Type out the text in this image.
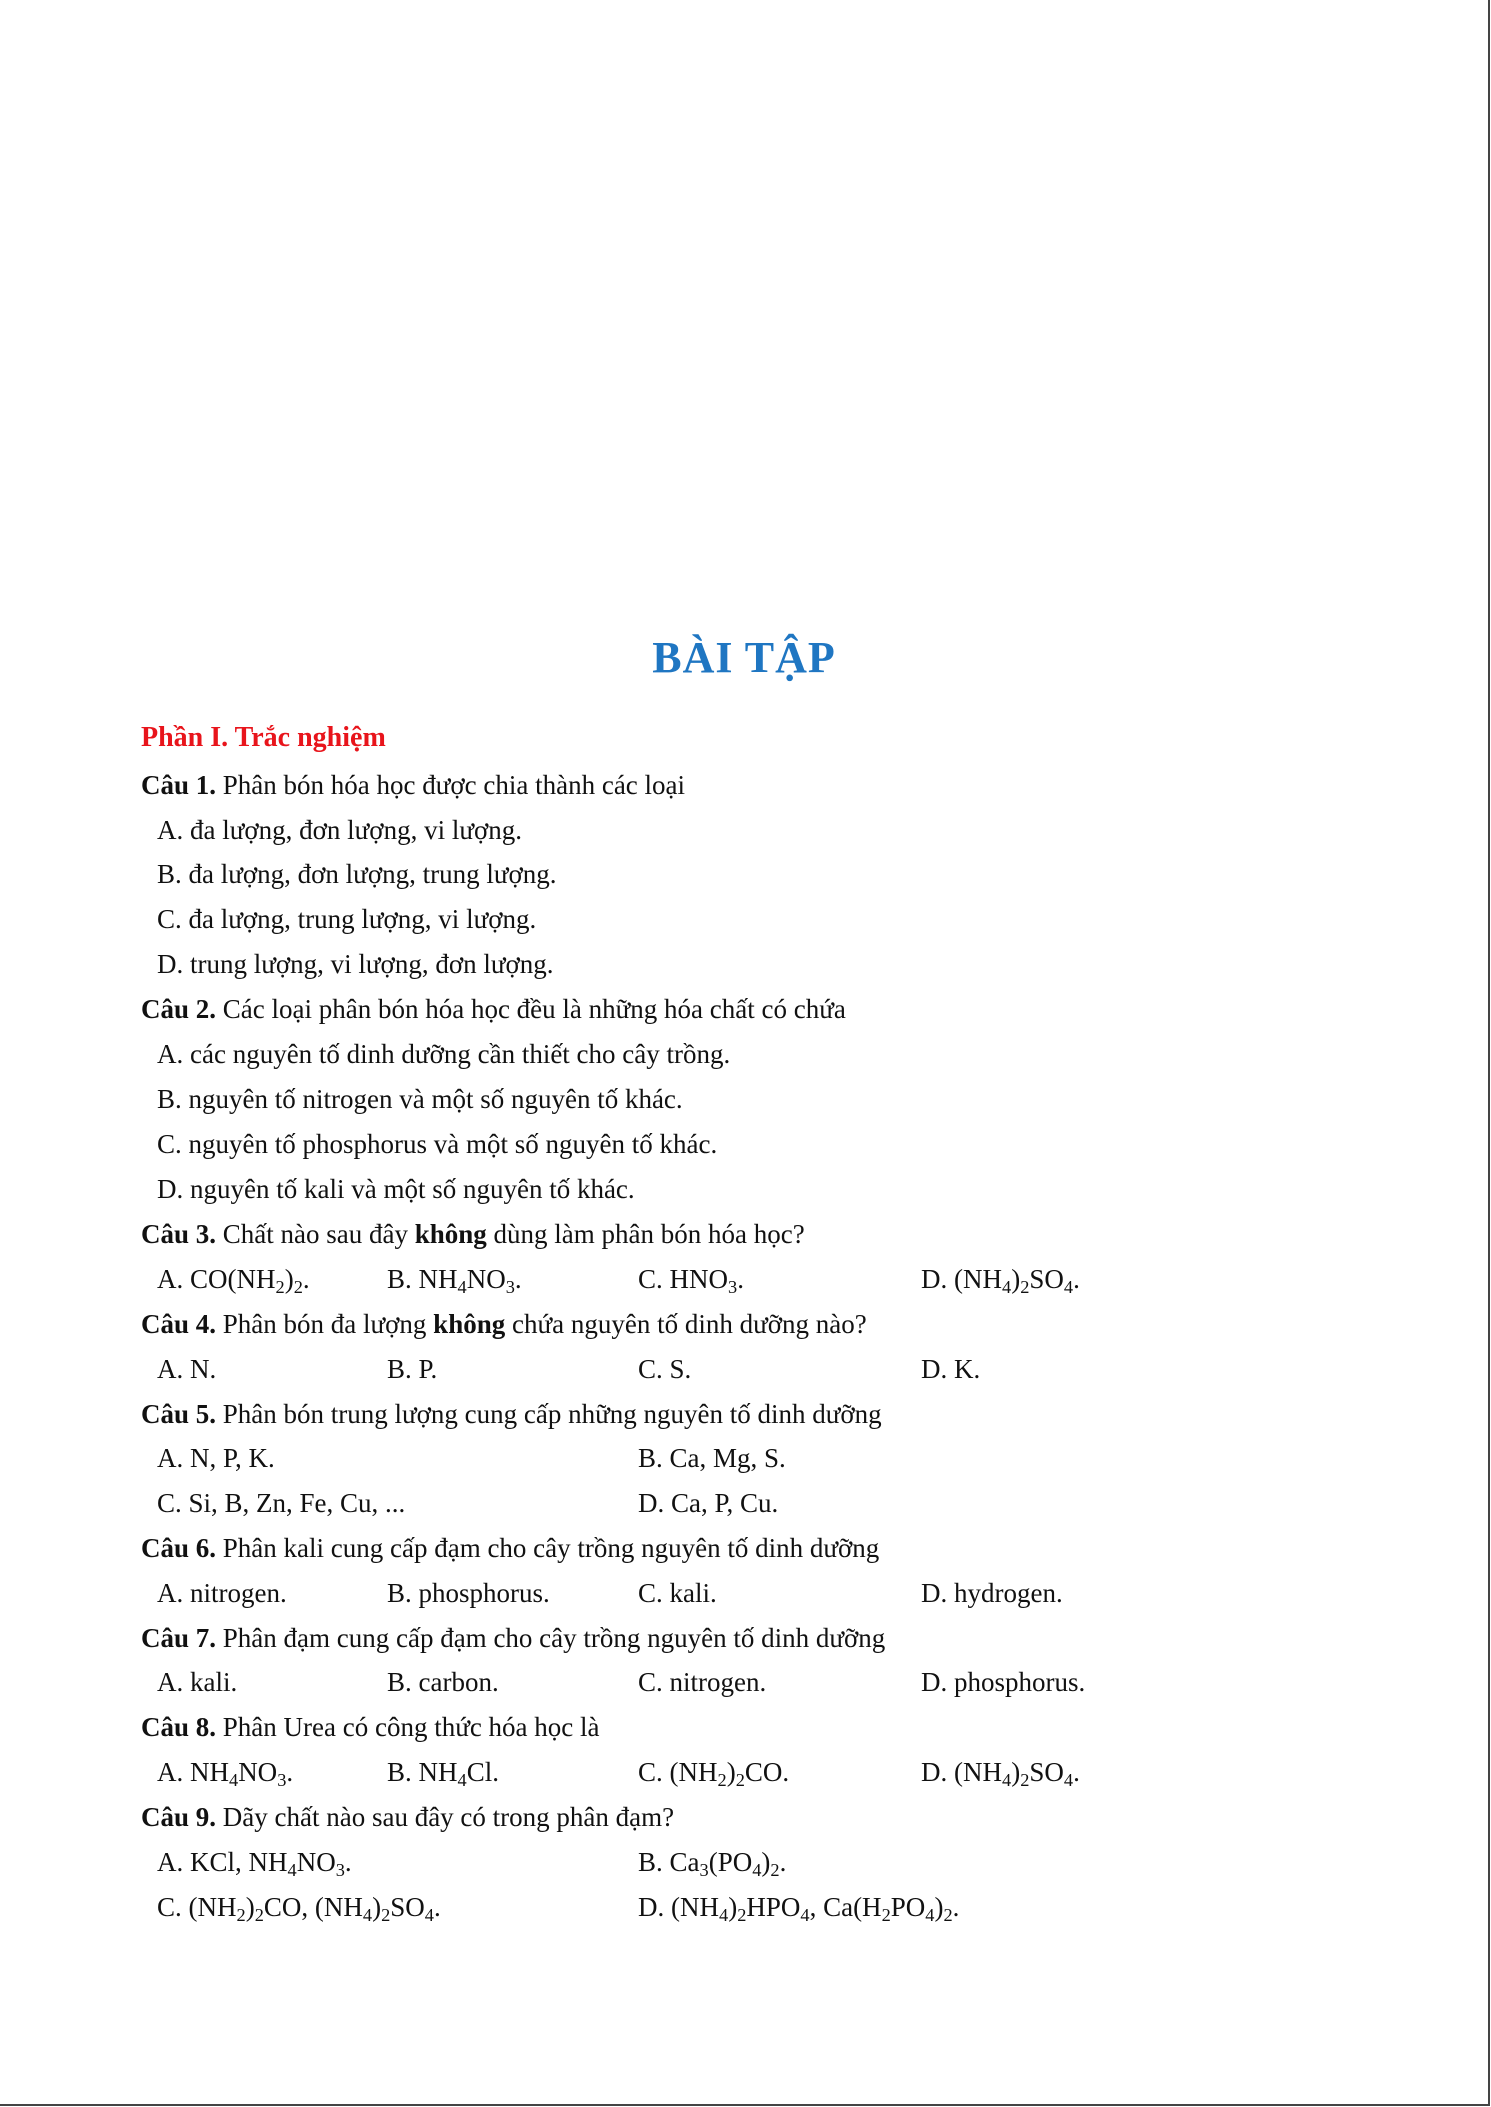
BÀI TẬP
Phần I. Trắc nghiệm
Câu 1. Phân bón hóa học được chia thành các loại
A. đa lượng, đơn lượng, vi lượng.
B. đa lượng, đơn lượng, trung lượng.
C. đa lượng, trung lượng, vi lượng.
D. trung lượng, vi lượng, đơn lượng.
Câu 2. Các loại phân bón hóa học đều là những hóa chất có chứa
A. các nguyên tố dinh dưỡng cần thiết cho cây trồng.
B. nguyên tố nitrogen và một số nguyên tố khác.
C. nguyên tố phosphorus và một số nguyên tố khác.
D. nguyên tố kali và một số nguyên tố khác.
Câu 3. Chất nào sau đây không dùng làm phân bón hóa học?
A. $CO(NH_2)_2$.	B. $NH_4NO_3$.	C. $HNO_3$.	D. $(NH_4)_2SO_4$.
Câu 4. Phân bón đa lượng không chứa nguyên tố dinh dưỡng nào?
A. N.	B. P.	C. S.	D. K.
Câu 5. Phân bón trung lượng cung cấp những nguyên tố dinh dưỡng
A. N, P, K.	B. Ca, Mg, S.
C. Si, B, Zn, Fe, Cu, ...	D. Ca, P, Cu.
Câu 6. Phân kali cung cấp đạm cho cây trồng nguyên tố dinh dưỡng
A. nitrogen.	B. phosphorus.	C. kali.	D. hydrogen.
Câu 7. Phân đạm cung cấp đạm cho cây trồng nguyên tố dinh dưỡng
A. kali.	B. carbon.	C. nitrogen.	D. phosphorus.
Câu 8. Phân Urea có công thức hóa học là
A. $NH_4NO_3$.	B. $NH_4Cl$.	C. $(NH_2)_2CO$.	D. $(NH_4)_2SO_4$.
Câu 9. Dãy chất nào sau đây có trong phân đạm?
A. KCl, $NH_4NO_3$.	B. $Ca_3(PO_4)_2$.
C. $(NH_2)_2CO$, $(NH_4)_2SO_4$.	D. $(NH_4)_2HPO_4$, $Ca(H_2PO_4)_2$.
